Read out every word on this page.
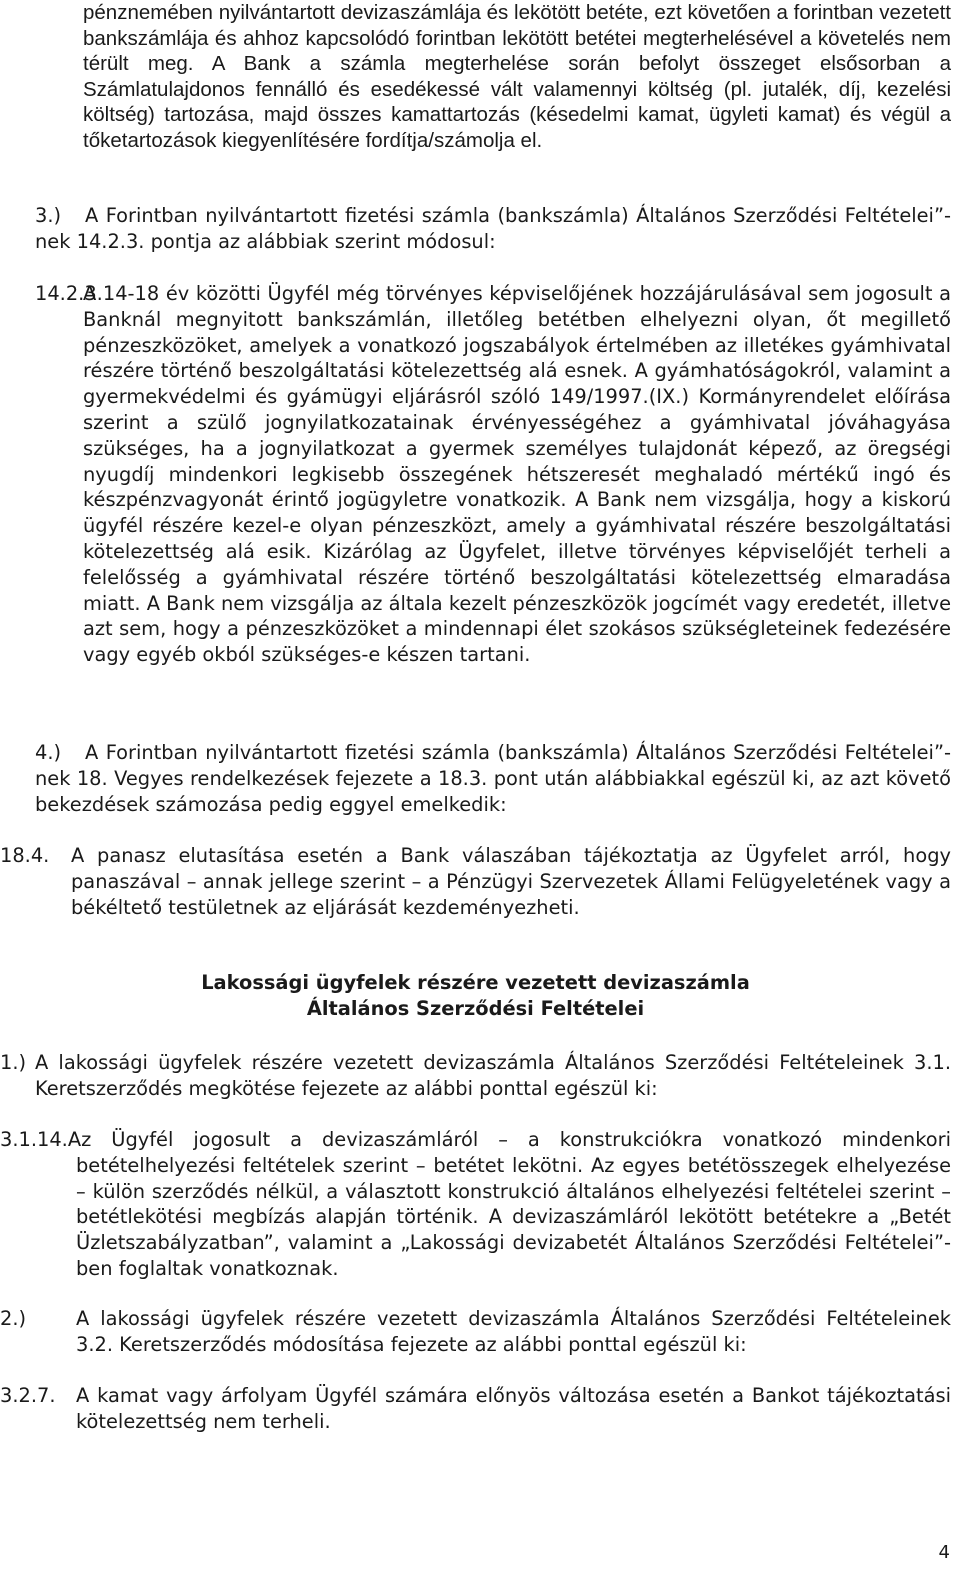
pénznemében nyilvántartott devizaszámlája és lekötött betéte, ezt követően a forintban vezetett bankszámlája és ahhoz kapcsolódó forintban lekötött betétei megterhelésével a követelés nem térült meg. A Bank a számla megterhelése során befolyt összeget elsősorban a Számlatulajdonos fennálló és esedékessé vált valamennyi költség (pl. jutalék, díj, kezelési költség) tartozása, majd összes kamattartozás (késedelmi kamat, ügyleti kamat) és végül a tőketartozások kiegyenlítésére fordítja/számolja el.
3.)	A Forintban nyilvántartott fizetési számla (bankszámla) Általános Szerződési Feltételei”-nek 14.2.3. pontja az alábbiak szerint módosul:
14.2.3.
A 14-18 év közötti Ügyfél még törvényes képviselőjének hozzájárulásával sem jogosult a Banknál megnyitott bankszámlán, illetőleg betétben elhelyezni olyan, őt megillető pénzeszközöket, amelyek a vonatkozó jogszabályok értelmében az illetékes gyámhivatal részére történő beszolgáltatási kötelezettség alá esnek. A gyámhatóságokról, valamint a gyermekvédelmi és gyámügyi eljárásról szóló 149/1997.(IX.) Kormányrendelet előírása szerint a szülő jognyilatkozatainak érvényességéhez a gyámhivatal jóváhagyása szükséges, ha a jognyilatkozat a gyermek személyes tulajdonát képező, az öregségi nyugdíj mindenkori legkisebb összegének hétszeresét meghaladó mértékű ingó és készpénzvagyonát érintő jogügyletre vonatkozik. A Bank nem vizsgálja, hogy a kiskorú ügyfél részére kezel-e olyan pénzeszközt, amely a gyámhivatal részére beszolgáltatási kötelezettség alá esik. Kizárólag az Ügyfelet, illetve törvényes képviselőjét terheli a felelősség a gyámhivatal részére történő beszolgáltatási kötelezettség elmaradása miatt. A Bank nem vizsgálja az általa kezelt pénzeszközök jogcímét vagy eredetét, illetve azt sem, hogy a pénzeszközöket a mindennapi élet szokásos szükségleteinek fedezésére vagy egyéb okból szükséges-e készen tartani.
4.)	A Forintban nyilvántartott fizetési számla (bankszámla) Általános Szerződési Feltételei”-nek 18. Vegyes rendelkezések fejezete a 18.3. pont után alábbiakkal egészül ki, az azt követő bekezdések számozása pedig eggyel emelkedik:
18.4. A panasz elutasítása esetén a Bank válaszában tájékoztatja az Ügyfelet arról, hogy panaszával – annak jellege szerint – a Pénzügyi Szervezetek Állami Felügyeletének vagy a békéltető testületnek az eljárását kezdeményezheti.
Lakossági ügyfelek részére vezetett devizaszámla
Általános Szerződési Feltételei
1.) A lakossági ügyfelek részére vezetett devizaszámla Általános Szerződési Feltételeinek 3.1. Keretszerződés megkötése fejezete az alábbi ponttal egészül ki:
3.1.14.Az Ügyfél jogosult a devizaszámláról – a konstrukciókra vonatkozó mindenkori betételhelyezési feltételek szerint – betétet lekötni. Az egyes betétösszegek elhelyezése – külön szerződés nélkül, a választott konstrukció általános elhelyezési feltételei szerint – betétlekötési megbízás alapján történik. A devizaszámláról lekötött betétekre a „Betét Üzletszabályzatban”, valamint a „Lakossági devizabetét Általános Szerződési Feltételei”-ben foglaltak vonatkoznak.
2.)	A lakossági ügyfelek részére vezetett devizaszámla Általános Szerződési Feltételeinek 3.2. Keretszerződés módosítása fejezete az alábbi ponttal egészül ki:
3.2.7. A kamat vagy árfolyam Ügyfél számára előnyös változása esetén a Bankot tájékoztatási kötelezettség nem terheli.
4
